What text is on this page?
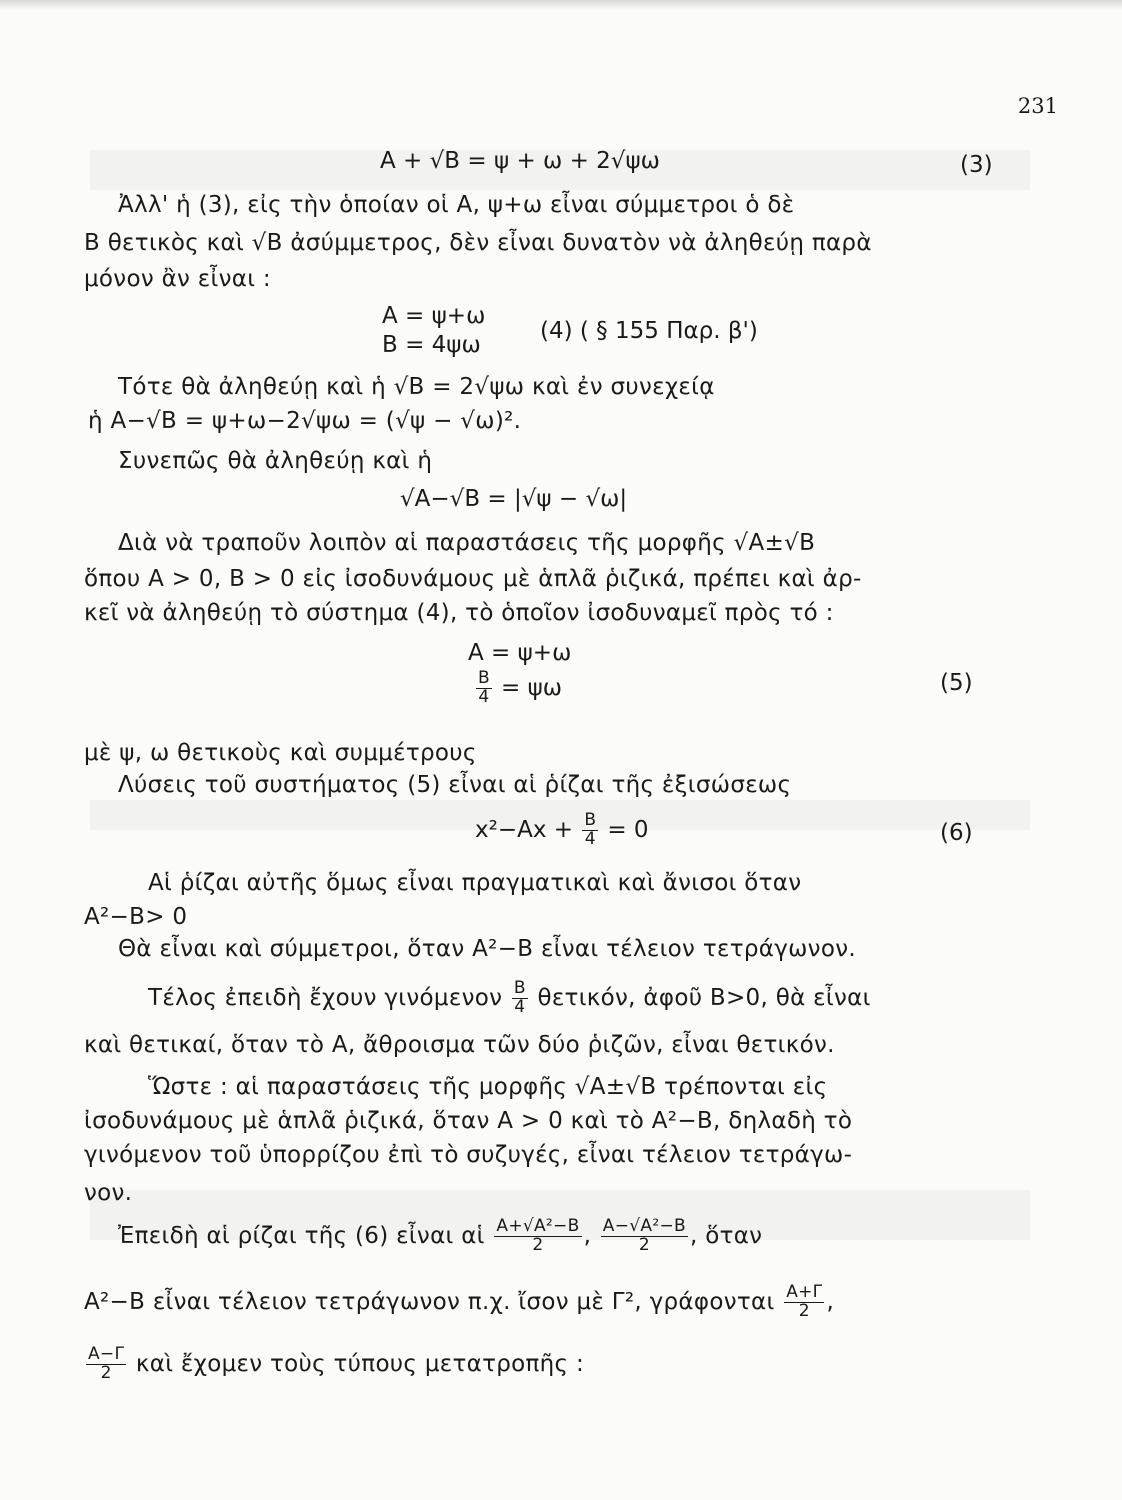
231
Α + √Β = ψ + ω + 2√ψω	(3)
Ἀλλ' ἡ (3), εἰς τὴν ὁποίαν οἱ Α, ψ+ω εἶναι σύμμετροι ὁ δὲ
Β θετικὸς καὶ √Β ἀσύμμετρος, δὲν εἶναι δυνατὸν νὰ ἀληθεύῃ παρὰ
μόνον ἂν εἶναι :
Α = ψ+ω
Β = 4ψω
(4) ( § 155 Παρ. β')
Τότε θὰ ἀληθεύῃ καὶ ἡ √Β = 2√ψω καὶ ἐν συνεχείᾳ
ἡ Α−√Β = ψ+ω−2√ψω = (√ψ − √ω)².
Συνεπῶς θὰ ἀληθεύῃ καὶ ἡ
√Α−√Β = |√ψ − √ω|
Διὰ νὰ τραποῦν λοιπὸν αἱ παραστάσεις τῆς μορφῆς √Α±√Β
ὅπου Α > 0, Β > 0 εἰς ἰσοδυνάμους μὲ ἁπλᾶ ῥιζικά, πρέπει καὶ ἀρ-
κεῖ νὰ ἀληθεύῃ τὸ σύστημα (4), τὸ ὁποῖον ἰσοδυναμεῖ πρὸς τό :
Α = ψ+ω
$\frac{B}{4} = \psi\omega$	(5)
μὲ ψ, ω θετικοὺς καὶ συμμέτρους
Λύσεις τοῦ συστήματος (5) εἶναι αἱ ῥίζαι τῆς ἐξισώσεως
$x^2-Ax + \frac{B}{4} = 0$	(6)
Αἱ ῥίζαι αὐτῆς ὅμως εἶναι πραγματικαὶ καὶ ἄνισοι ὅταν
Α²−Β> 0
Θὰ εἶναι καὶ σύμμετροι, ὅταν Α²−Β εἶναι τέλειον τετράγωνον.
Τέλος ἐπειδὴ ἔχουν γινόμενον $\frac{B}{4} \theta\varepsilon\tau\iota\kappa ό\nu$, ἀφοῦ Β>0, θὰ εἶναι
καὶ θετικαί, ὅταν τὸ Α, ἄθροισμα τῶν δύο ῥιζῶν, εἶναι θετικόν.
Ὥστε : αἱ παραστάσεις τῆς μορφῆς √Α±√Β τρέπονται εἰς
ἰσοδυνάμους μὲ ἁπλᾶ ῥιζικά, ὅταν Α > 0 καὶ τὸ Α²−Β, δηλαδὴ τὸ
γινόμενον τοῦ ὑπορρίζου ἐπὶ τὸ συζυγές, εἶναι τέλειον τετράγω-
νον.
Ἐπειδὴ αἱ ρίζαι τῆς (6) εἶναι αἱ $\frac{\text{Α+√Α²−Β}}{2}$ , $\frac{\text{Α−√Α²−Β}}{2}$ , ὅταν
Α²−Β εἶναι τέλειον τετράγωνον π.χ. ἴσον μὲ Γ², γράφονται $\frac{A+\Gamma}{2}$ ,
$\frac{A-\Gamma}{2}$ καὶ ἔχομεν τοὺς τύπους μετατροπῆς :
